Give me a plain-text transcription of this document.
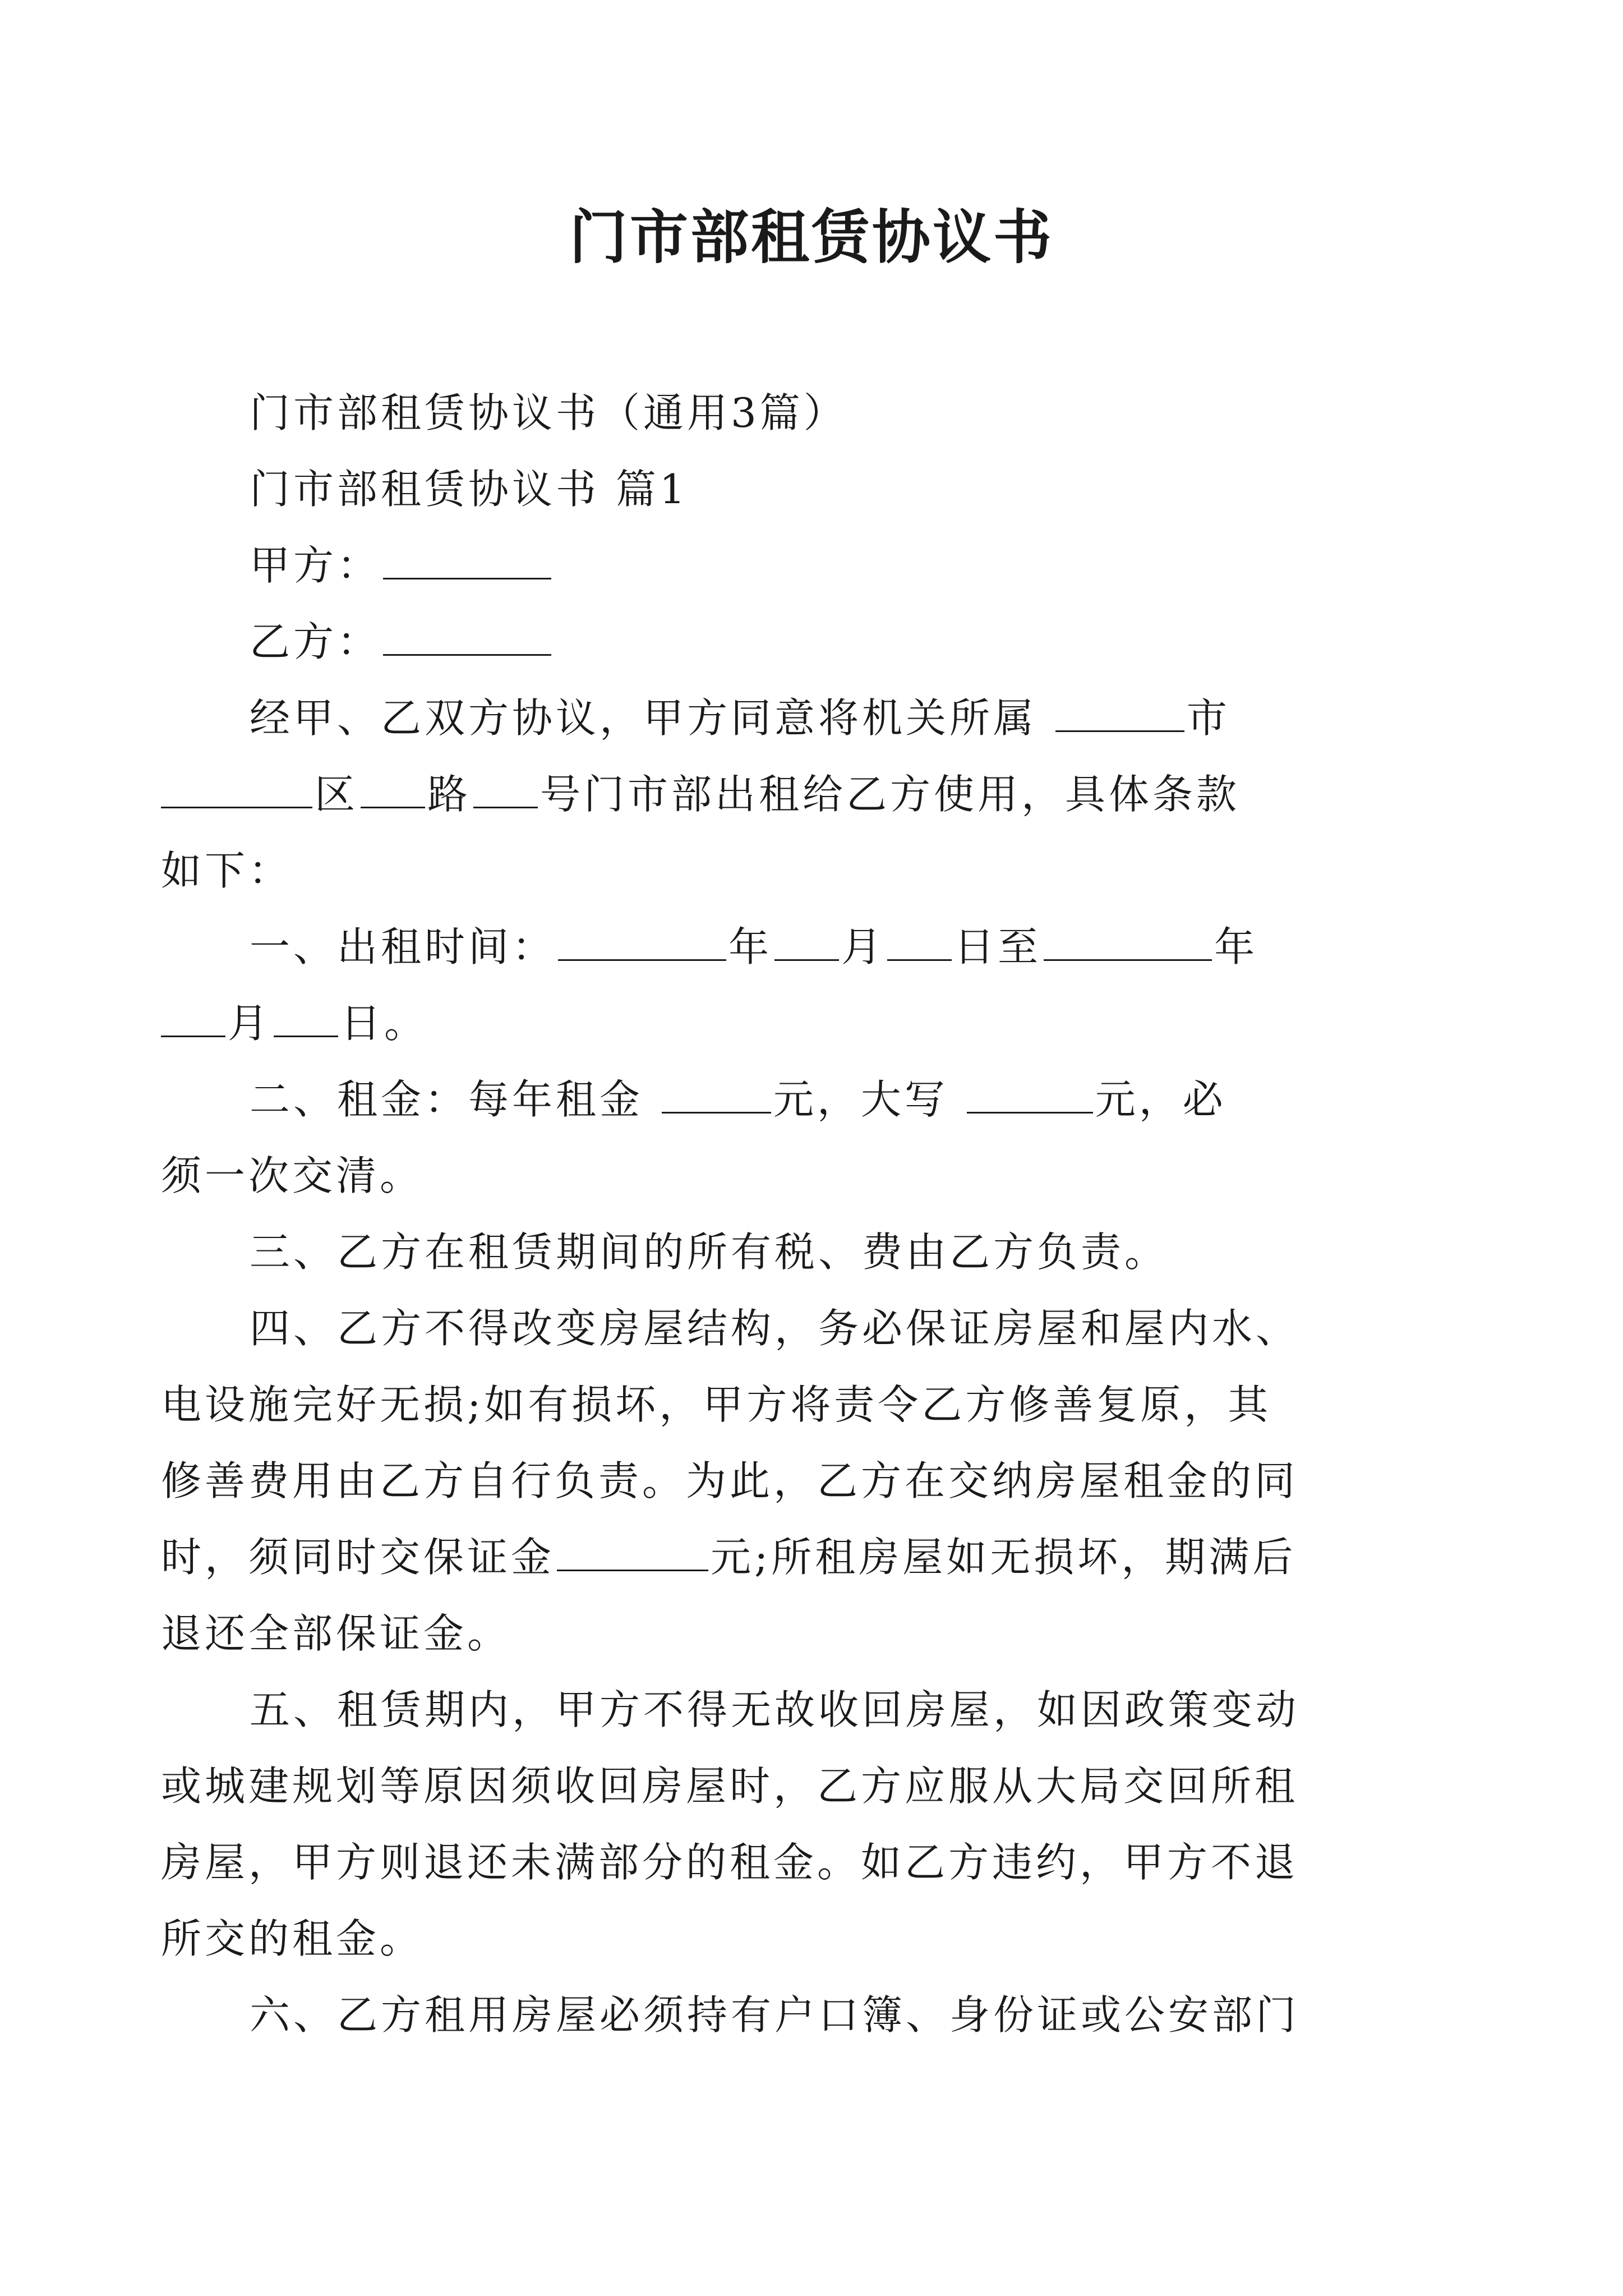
门市部租赁协议书
门市部租赁协议书（通用3篇）
门市部租赁协议书 篇1
甲方：
乙方：
经甲、乙双方协议，甲方同意将机关所属	市
区 路 号门市部出租给乙方使用，具体条款
如下：
一、出租时间：	年 月 日至	年
月 日。
二、租金：每年租金	元，大写	元，必
须一次交清。
三、乙方在租赁期间的所有税、费由乙方负责。
四、乙方不得改变房屋结构，务必保证房屋和屋内水、
电设施完好无损;如有损坏，甲方将责令乙方修善复原，其
修善费用由乙方自行负责。为此，乙方在交纳房屋租金的同
时，须同时交保证金	元;所租房屋如无损坏，期满后
退还全部保证金。
五、租赁期内，甲方不得无故收回房屋，如因政策变动
或城建规划等原因须收回房屋时，乙方应服从大局交回所租
房屋，甲方则退还未满部分的租金。如乙方违约，甲方不退
所交的租金。
六、乙方租用房屋必须持有户口簿、身份证或公安部门
